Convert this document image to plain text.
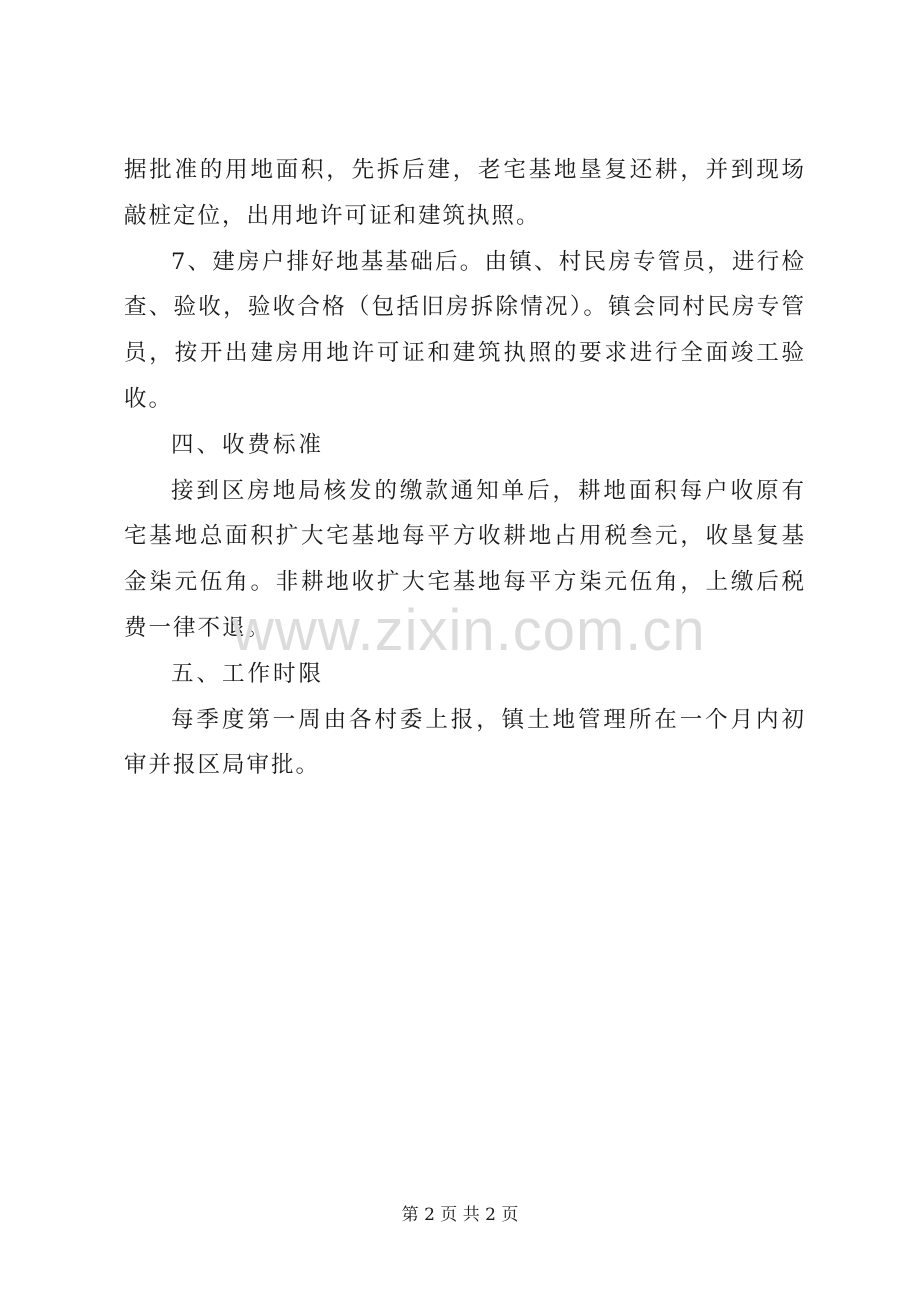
据批准的用地面积，先拆后建，老宅基地垦复还耕，并到现场敲桩定位，出用地许可证和建筑执照。

7、建房户排好地基基础后。由镇、村民房专管员，进行检查、验收，验收合格（包括旧房拆除情况）。镇会同村民房专管员，按开出建房用地许可证和建筑执照的要求进行全面竣工验收。

四、收费标准

接到区房地局核发的缴款通知单后，耕地面积每户收原有宅基地总面积扩大宅基地每平方收耕地占用税叁元，收垦复基金柒元伍角。非耕地收扩大宅基地每平方柒元伍角，上缴后税费一律不退。

五、工作时限

每季度第一周由各村委上报，镇土地管理所在一个月内初审并报区局审批。

www.zixin.com.cn
第 2 页 共 2 页
